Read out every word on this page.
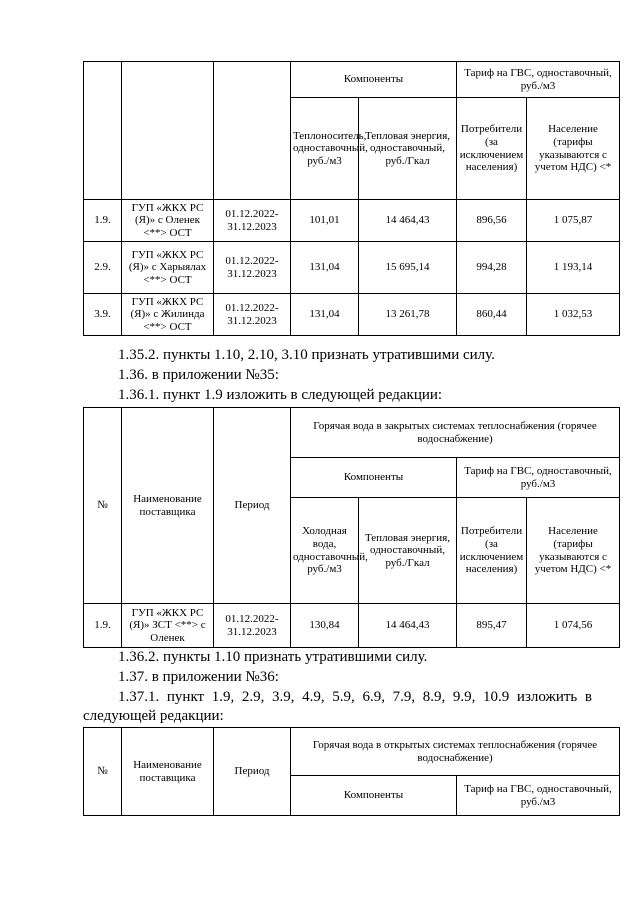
			Компоненты		Тариф на ГВС, одноставочный, руб./м3	
			Теплоноситель, одноставочный, руб./м3	Тепловая энергия, одноставочный, руб./Гкал	Потребители (за исключением населения)	Население (тарифы указываются с учетом НДС) <*
1.9.	ГУП «ЖКХ РС (Я)» с Оленек <**> ОСТ	01.12.2022-31.12.2023	101,01	14 464,43	896,56	1 075,87
2.9.	ГУП «ЖКХ РС (Я)» с Харыялах <**> ОСТ	01.12.2022-31.12.2023	131,04	15 695,14	994,28	1 193,14
3.9.	ГУП «ЖКХ РС (Я)» с Жилинда <**> ОСТ	01.12.2022-31.12.2023	131,04	13 261,78	860,44	1 032,53
1.35.2. пункты 1.10, 2.10, 3.10 признать утратившими силу.
1.36. в приложении №35:
1.36.1. пункт 1.9 изложить в следующей редакции:
№	Наименование поставщика	Период	Горячая вода в закрытых системах теплоснабжения (горячее водоснабжение)			
			Компоненты		Тариф на ГВС, одноставочный, руб./м3	
			Холодная вода, одноставочный, руб./м3	Тепловая энергия, одноставочный, руб./Гкал	Потребители (за исключением населения)	Население (тарифы указываются с учетом НДС) <*
1.9.	ГУП «ЖКХ РС (Я)» ЗСТ <**> с Оленек	01.12.2022-31.12.2023	130,84	14 464,43	895,47	1 074,56
1.36.2. пункты 1.10 признать утратившими силу.
1.37. в приложении №36:
1.37.1. пункт 1.9, 2.9, 3.9, 4.9, 5.9, 6.9, 7.9, 8.9, 9.9, 10.9 изложить в
следующей редакции:
№	Наименование поставщика	Период	Горячая вода в открытых системах теплоснабжения (горячее водоснабжение)	
			Компоненты	Тариф на ГВС, одноставочный, руб./м3
